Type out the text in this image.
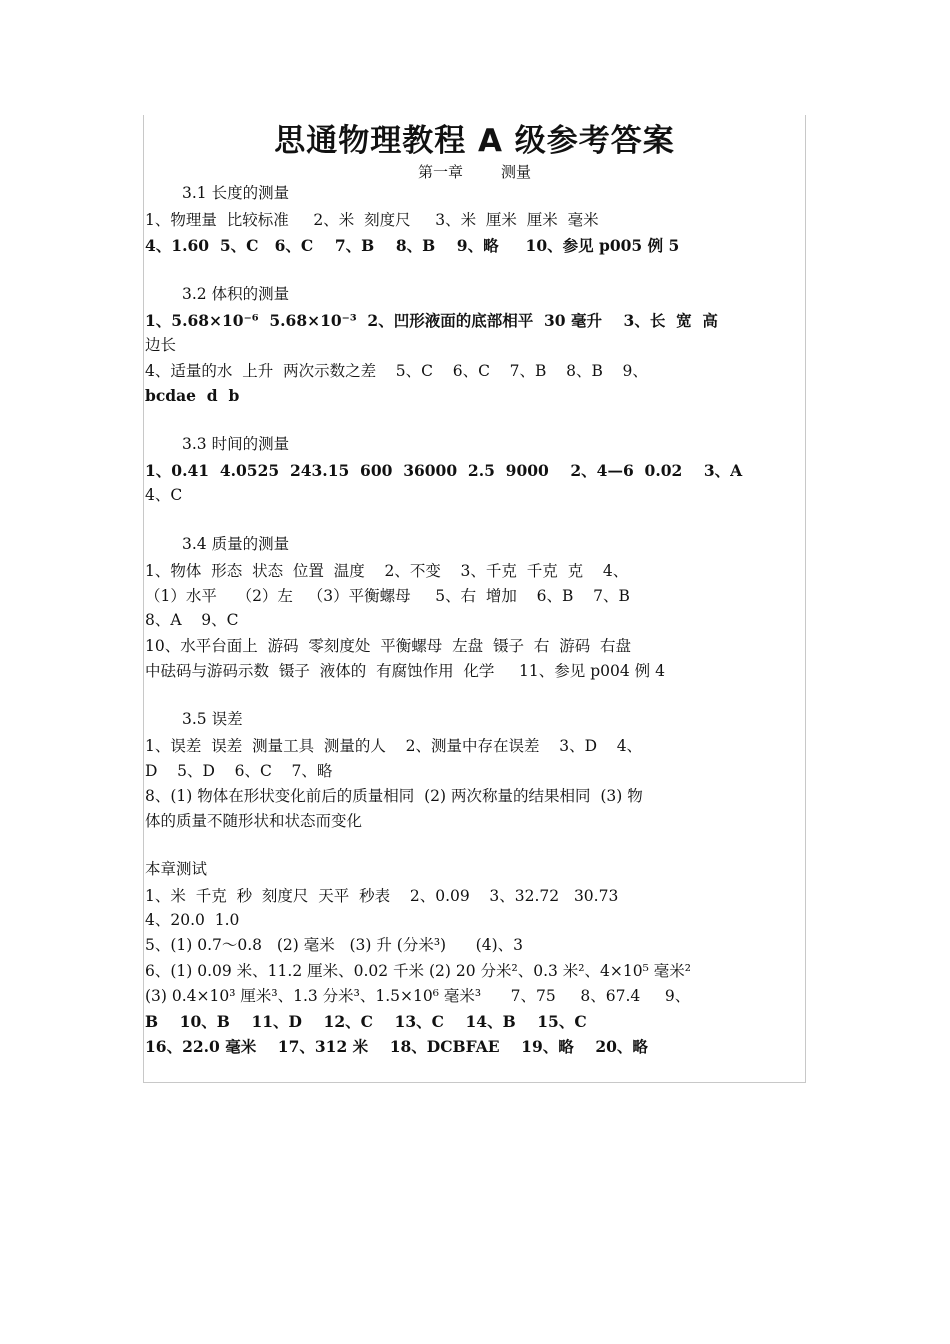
思通物理教程 A 级参考答案
第一章	测量
3.1 长度的测量
1、物理量  比较标准     2、米  刻度尺     3、米  厘米  厘米  毫米
4、1.60  5、C   6、C    7、B    8、B    9、略     10、参见 p005 例 5
3.2 体积的测量
1、5.68×10⁻⁶  5.68×10⁻³  2、凹形液面的底部相平  30 毫升    3、长  宽  高
边长
4、适量的水  上升  两次示数之差    5、C    6、C    7、B    8、B    9、
bcdae  d  b
3.3 时间的测量
1、0.41  4.0525  243.15  600  36000  2.5  9000    2、4—6  0.02    3、A
4、C
3.4 质量的测量
1、物体  形态  状态  位置  温度    2、不变    3、千克  千克  克    4、
（1）水平    （2）左   （3）平衡螺母     5、右  增加    6、B    7、B
8、A    9、C
10、水平台面上  游码  零刻度处  平衡螺母  左盘  镊子  右  游码  右盘
中砝码与游码示数  镊子  液体的  有腐蚀作用  化学     11、参见 p004 例 4
3.5 误差
1、误差  误差  测量工具  测量的人    2、测量中存在误差    3、D    4、
D    5、D    6、C    7、略
8、(1) 物体在形状变化前后的质量相同  (2) 两次称量的结果相同  (3) 物
体的质量不随形状和状态而变化
本章测试
1、米  千克  秒  刻度尺  天平  秒表    2、0.09    3、32.72   30.73
4、20.0  1.0
5、(1) 0.7～0.8   (2) 毫米   (3) 升 (分米³)      (4)、3
6、(1) 0.09 米、11.2 厘米、0.02 千米 (2) 20 分米²、0.3 米²、4×10⁵ 毫米²
(3) 0.4×10³ 厘米³、1.3 分米³、1.5×10⁶ 毫米³      7、75     8、67.4     9、
B    10、B    11、D    12、C    13、C    14、B    15、C
16、22.0 毫米    17、312 米    18、DCBFAE    19、略    20、略
